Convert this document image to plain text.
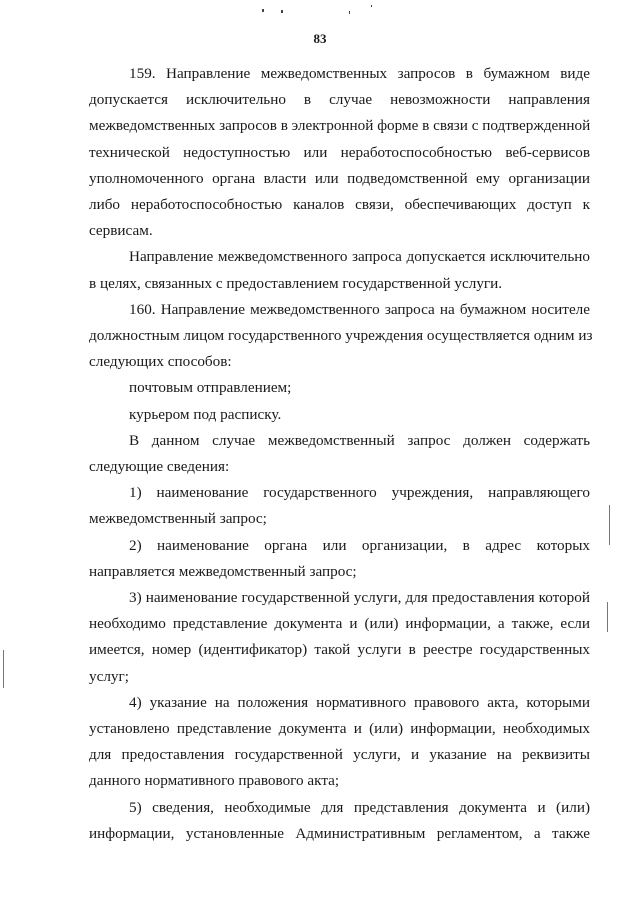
83
159. Направление межведомственных запросов в бумажном виде
допускается исключительно в случае невозможности направления
межведомственных запросов в электронной форме в связи с подтвержденной
технической недоступностью или неработоспособностью веб-сервисов
уполномоченного органа власти или подведомственной ему организации
либо неработоспособностью каналов связи, обеспечивающих доступ к
сервисам.
Направление межведомственного запроса допускается исключительно
в целях, связанных с предоставлением государственной услуги.
160. Направление межведомственного запроса на бумажном носителе
должностным лицом государственного учреждения осуществляется одним из
следующих способов:
почтовым отправлением;
курьером под расписку.
В данном случае межведомственный запрос должен содержать
следующие сведения:
1) наименование государственного учреждения, направляющего
межведомственный запрос;
2) наименование органа или организации, в адрес которых
направляется межведомственный запрос;
3) наименование государственной услуги, для предоставления которой
необходимо представление документа и (или) информации, а также, если
имеется, номер (идентификатор) такой услуги в реестре государственных
услуг;
4) указание на положения нормативного правового акта, которыми
установлено представление документа и (или) информации, необходимых
для предоставления государственной услуги, и указание на реквизиты
данного нормативного правового акта;
5) сведения, необходимые для представления документа и (или)
информации, установленные Административным регламентом, а также
